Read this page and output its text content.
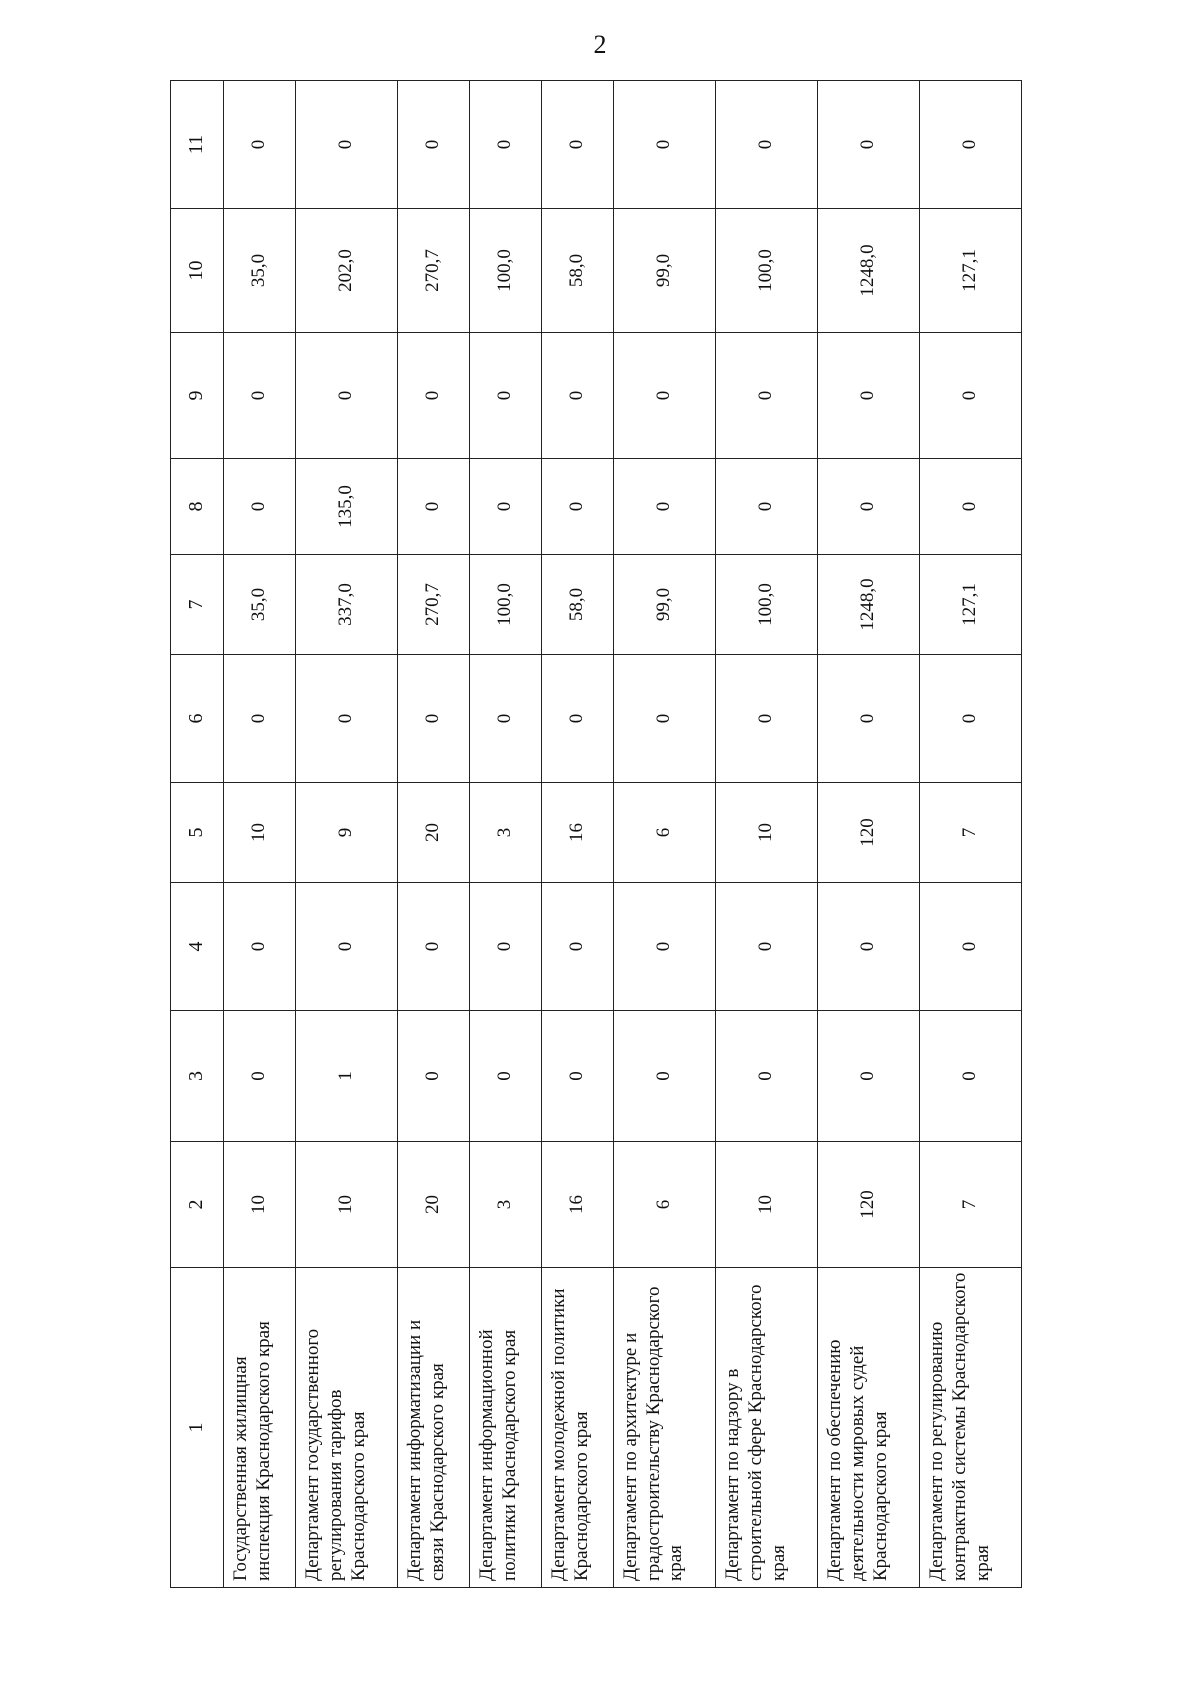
2
1	2	3	4	5	6	7	8	9	10	11
Государственная жилищная инспекция Краснодарского края	10	0	0	10	0	35,0	0	0	35,0	0
Департамент государственного регулирования тарифов Краснодарского края	10	1	0	9	0	337,0	135,0	0	202,0	0
Департамент информатизации и связи Краснодарского края	20	0	0	20	0	270,7	0	0	270,7	0
Департамент информационной политики Краснодарского края	3	0	0	3	0	100,0	0	0	100,0	0
Департамент молодежной политики Краснодарского края	16	0	0	16	0	58,0	0	0	58,0	0
Департамент по архитектуре и градостроительству Краснодарского края	6	0	0	6	0	99,0	0	0	99,0	0
Департамент по надзору в строительной сфере Краснодарского края	10	0	0	10	0	100,0	0	0	100,0	0
Департамент по обеспечению деятельности мировых судей Краснодарского края	120	0	0	120	0	1248,0	0	0	1248,0	0
Департамент по регулированию контрактной системы Краснодарского края	7	0	0	7	0	127,1	0	0	127,1	0
